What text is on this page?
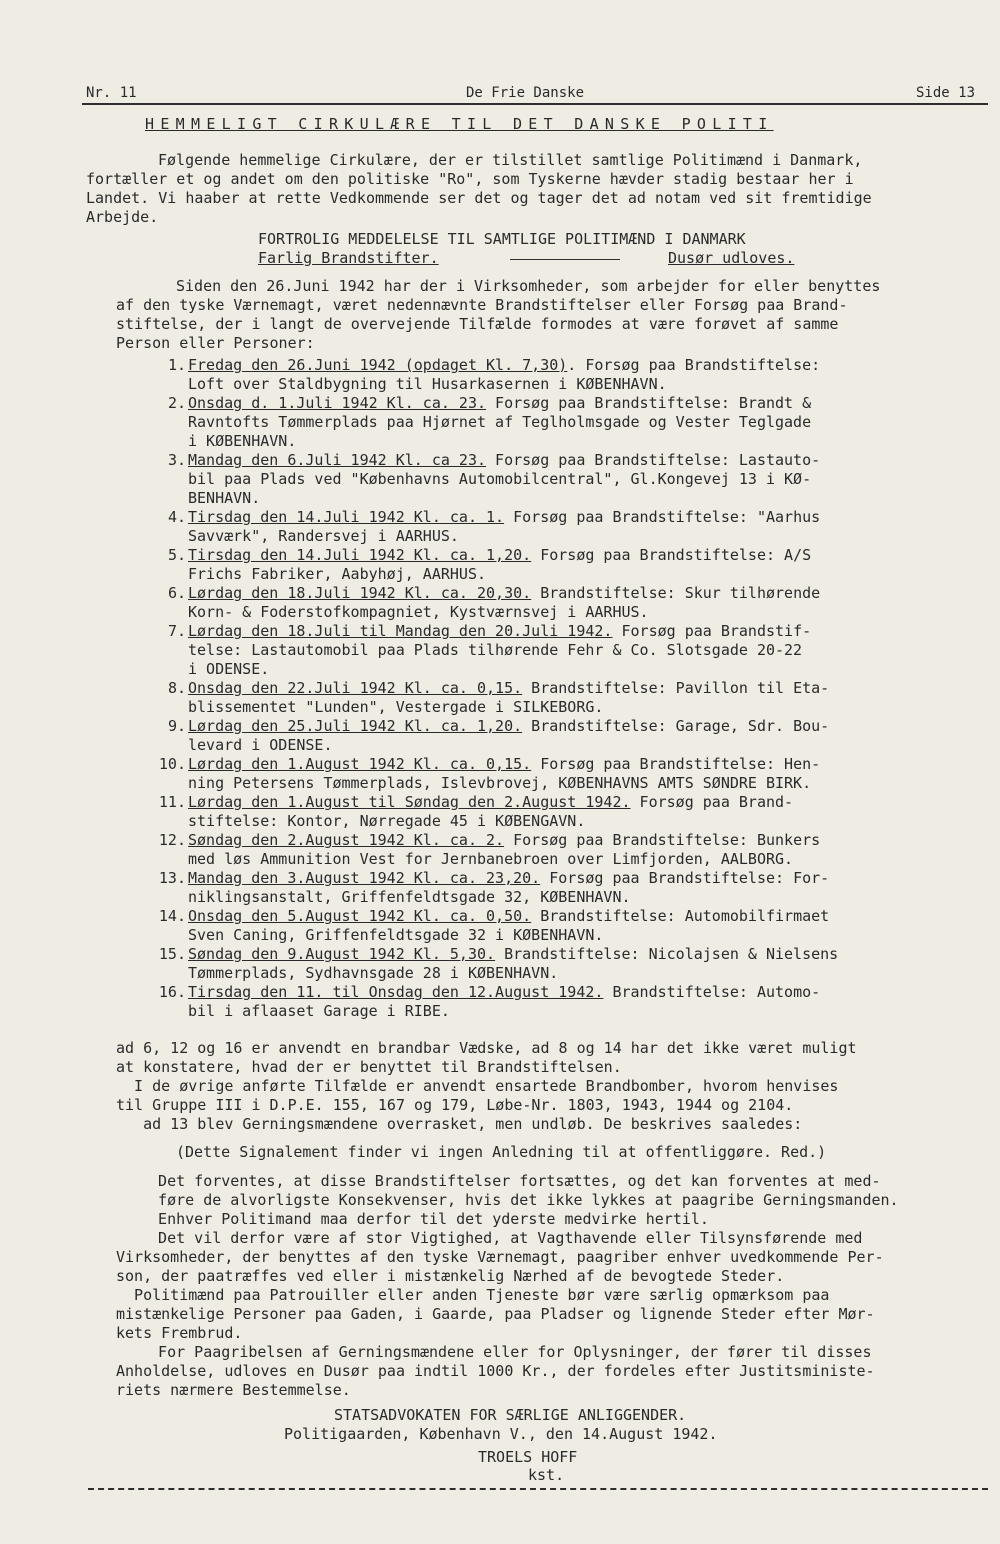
Nr. 11	De Frie Danske	Side 13
HEMMELIGT CIRKULÆRE TIL DET DANSKE POLITI
Følgende hemmelige Cirkulære, der er tilstillet samtlige Politimænd i Danmark,
fortæller et og andet om den politiske "Ro", som Tyskerne hævder stadig bestaar her i
Landet. Vi haaber at rette Vedkommende ser det og tager det ad notam ved sit fremtidige
Arbejde.
FORTROLIG MEDDELELSE TIL SAMTLIGE POLITIMÆND I DANMARK
Farlig Brandstifter.	Dusør udloves.
Siden den 26.Juni 1942 har der i Virksomheder, som arbejder for eller benyttes
af den tyske Værnemagt, været nedennævnte Brandstiftelser eller Forsøg paa Brand-
stiftelse, der i langt de overvejende Tilfælde formodes at være forøvet af samme
Person eller Personer:
1. Fredag den 26.Juni 1942 (opdaget Kl. 7,30). Forsøg paa Brandstiftelse:
Loft over Staldbygning til Husarkasernen i KØBENHAVN.
2. Onsdag d. 1.Juli 1942 Kl. ca. 23. Forsøg paa Brandstiftelse: Brandt &
Ravntofts Tømmerplads paa Hjørnet af Teglholmsgade og Vester Teglgade
i KØBENHAVN.
3. Mandag den 6.Juli 1942 Kl. ca 23. Forsøg paa Brandstiftelse: Lastauto-
bil paa Plads ved "Københavns Automobilcentral", Gl.Kongevej 13 i KØ-
BENHAVN.
4. Tirsdag den 14.Juli 1942 Kl. ca. 1. Forsøg paa Brandstiftelse: "Aarhus
Savværk", Randersvej i AARHUS.
5. Tirsdag den 14.Juli 1942 Kl. ca. 1,20. Forsøg paa Brandstiftelse: A/S
Frichs Fabriker, Aabyhøj, AARHUS.
6. Lørdag den 18.Juli 1942 Kl. ca. 20,30. Brandstiftelse: Skur tilhørende
Korn- & Foderstofkompagniet, Kystværnsvej i AARHUS.
7. Lørdag den 18.Juli til Mandag den 20.Juli 1942. Forsøg paa Brandstif-
telse: Lastautomobil paa Plads tilhørende Fehr & Co. Slotsgade 20-22
i ODENSE.
8. Onsdag den 22.Juli 1942 Kl. ca. 0,15. Brandstiftelse: Pavillon til Eta-
blissementet "Lunden", Vestergade i SILKEBORG.
9. Lørdag den 25.Juli 1942 Kl. ca. 1,20. Brandstiftelse: Garage, Sdr. Bou-
levard i ODENSE.
10. Lørdag den 1.August 1942 Kl. ca. 0,15. Forsøg paa Brandstiftelse: Hen-
ning Petersens Tømmerplads, Islevbrovej, KØBENHAVNS AMTS SØNDRE BIRK.
11. Lørdag den 1.August til Søndag den 2.August 1942. Forsøg paa Brand-
stiftelse: Kontor, Nørregade 45 i KØBENGAVN.
12. Søndag den 2.August 1942 Kl. ca. 2. Forsøg paa Brandstiftelse: Bunkers
med løs Ammunition Vest for Jernbanebroen over Limfjorden, AALBORG.
13. Mandag den 3.August 1942 Kl. ca. 23,20. Forsøg paa Brandstiftelse: For-
niklingsanstalt, Griffenfeldtsgade 32, KØBENHAVN.
14. Onsdag den 5.August 1942 Kl. ca. 0,50. Brandstiftelse: Automobilfirmaet
Sven Caning, Griffenfeldtsgade 32 i KØBENHAVN.
15. Søndag den 9.August 1942 Kl. 5,30. Brandstiftelse: Nicolajsen & Nielsens
Tømmerplads, Sydhavnsgade 28 i KØBENHAVN.
16. Tirsdag den 11. til Onsdag den 12.August 1942. Brandstiftelse: Automo-
bil i aflaaset Garage i RIBE.
ad 6, 12 og 16 er anvendt en brandbar Vædske, ad 8 og 14 har det ikke været muligt
at konstatere, hvad der er benyttet til Brandstiftelsen.
I de øvrige anførte Tilfælde er anvendt ensartede Brandbomber, hvorom henvises
til Gruppe III i D.P.E. 155, 167 og 179, Løbe-Nr. 1803, 1943, 1944 og 2104.
ad 13 blev Gerningsmændene overrasket, men undløb. De beskrives saaledes:
(Dette Signalement finder vi ingen Anledning til at offentliggøre. Red.)
Det forventes, at disse Brandstiftelser fortsættes, og det kan forventes at med-
føre de alvorligste Konsekvenser, hvis det ikke lykkes at paagribe Gerningsmanden.
Enhver Politimand maa derfor til det yderste medvirke hertil.
Det vil derfor være af stor Vigtighed, at Vagthavende eller Tilsynsførende med
Virksomheder, der benyttes af den tyske Værnemagt, paagriber enhver uvedkommende Per-
son, der paatræffes ved eller i mistænkelig Nærhed af de bevogtede Steder.
Politimænd paa Patrouiller eller anden Tjeneste bør være særlig opmærksom paa
mistænkelige Personer paa Gaden, i Gaarde, paa Pladser og lignende Steder efter Mør-
kets Frembrud.
For Paagribelsen af Gerningsmændene eller for Oplysninger, der fører til disses
Anholdelse, udloves en Dusør paa indtil 1000 Kr., der fordeles efter Justitsministe-
riets nærmere Bestemmelse.
STATSADVOKATEN FOR SÆRLIGE ANLIGGENDER.
Politigaarden, København V., den 14.August 1942.
TROELS HOFF
kst.
